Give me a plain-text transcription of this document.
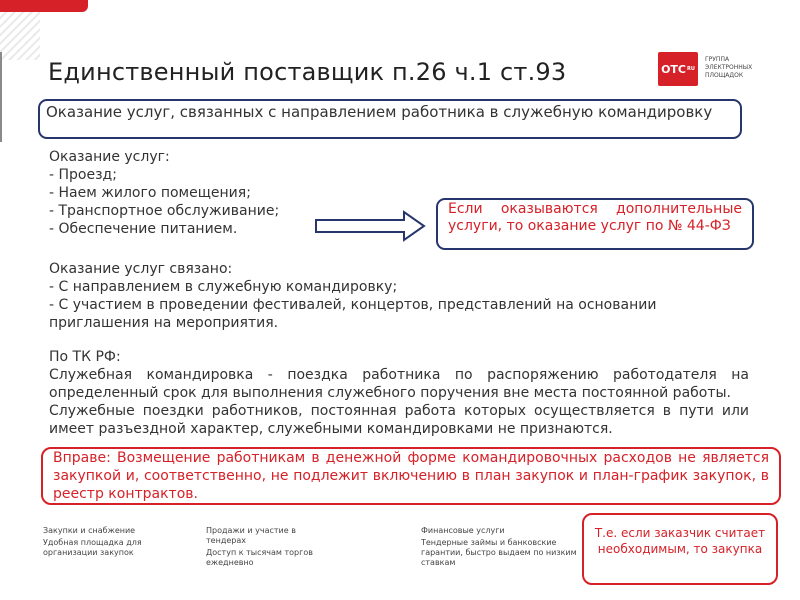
Единственный поставщик п.26 ч.1 ст.93	OTC RU
ГРУППА
ЭЛЕКТРОННЫХ
ПЛОЩАДОК
Оказание услуг, связанных с направлением работника в служебную командировку
Оказание услуг:
- Проезд;
- Наем жилого помещения;
- Транспортное обслуживание;
- Обеспечение питанием.
Если оказываются дополнительные услуги, то оказание услуг по № 44-ФЗ
Оказание услуг связано:
- С направлением в служебную командировку;
- С участием в проведении фестивалей, концертов, представлений на основании приглашения на мероприятия.
По ТК РФ:
Служебная командировка - поездка работника по распоряжению работодателя на определенный срок для выполнения служебного поручения вне места постоянной работы.
Служебные поездки работников, постоянная работа которых осуществляется в пути или имеет разъездной характер, служебными командировками не признаются.
Вправе: Возмещение работникам в денежной форме командировочных расходов не является закупкой и, соответственно, не подлежит включению в план закупок и план-график закупок, в реестр контрактов.
Закупки и снабжение
Удобная площадка для организации закупок
Продажи и участие в тендерах
Доступ к тысячам торгов ежедневно
Финансовые услуги
Тендерные займы и банковские гарантии, быстро выдаем по низким ставкам
Т.е. если заказчик считает необходимым, то закупка
